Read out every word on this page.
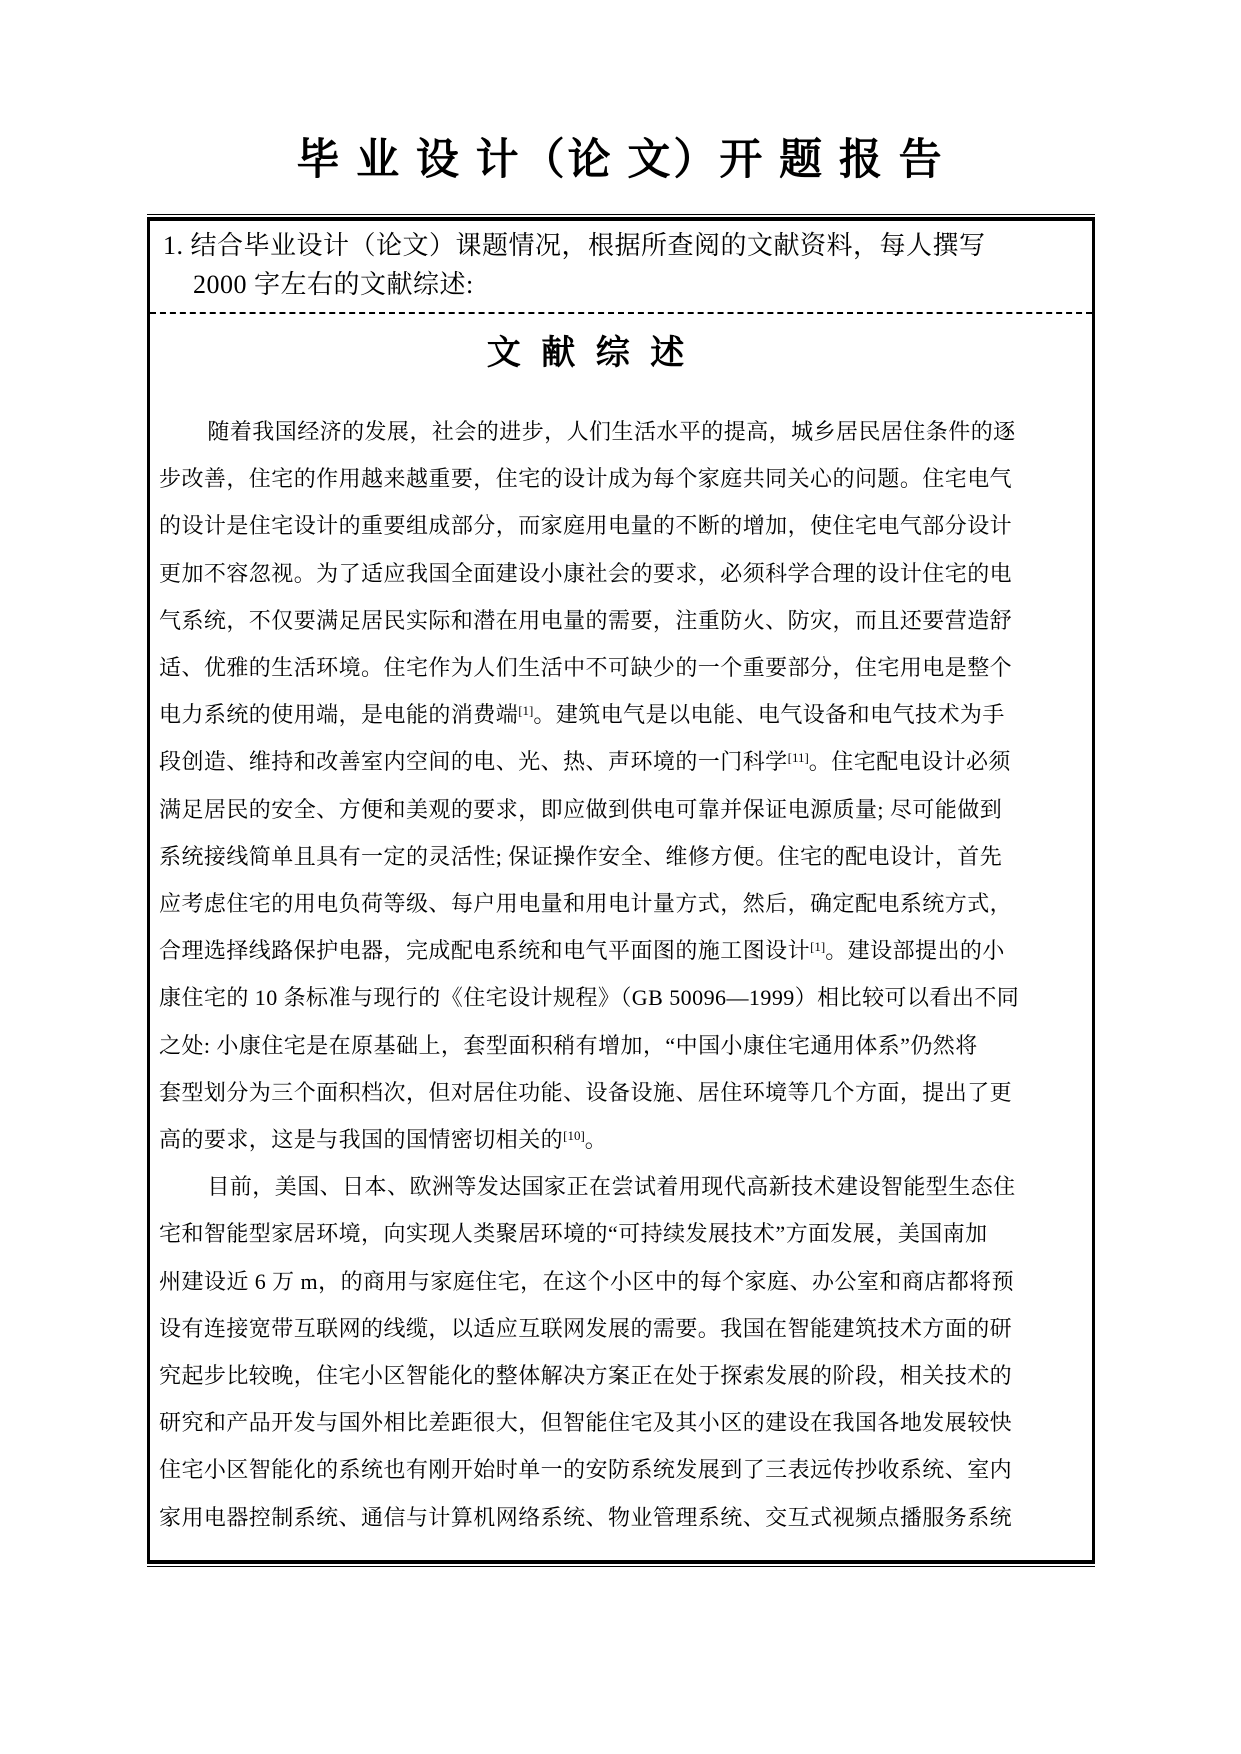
毕 业 设 计（论 文）开 题 报 告
1. 结合毕业设计（论文）课题情况，根据所查阅的文献资料，每人撰写
2000 字左右的文献综述:
文 献 综 述
随着我国经济的发展，社会的进步，人们生活水平的提高，城乡居民居住条件的逐
步改善，住宅的作用越来越重要，住宅的设计成为每个家庭共同关心的问题。住宅电气
的设计是住宅设计的重要组成部分，而家庭用电量的不断的增加，使住宅电气部分设计
更加不容忽视。为了适应我国全面建设小康社会的要求，必须科学合理的设计住宅的电
气系统，不仅要满足居民实际和潜在用电量的需要，注重防火、防灾，而且还要营造舒
适、优雅的生活环境。住宅作为人们生活中不可缺少的一个重要部分，住宅用电是整个
电力系统的使用端，是电能的消费端[1]。建筑电气是以电能、电气设备和电气技术为手
段创造、维持和改善室内空间的电、光、热、声环境的一门科学[11]。住宅配电设计必须
满足居民的安全、方便和美观的要求，即应做到供电可靠并保证电源质量; 尽可能做到
系统接线简单且具有一定的灵活性; 保证操作安全、维修方便。住宅的配电设计，首先
应考虑住宅的用电负荷等级、每户用电量和用电计量方式，然后，确定配电系统方式，
合理选择线路保护电器，完成配电系统和电气平面图的施工图设计[1]。建设部提出的小
康住宅的 10 条标准与现行的《住宅设计规程》（GB 50096—1999）相比较可以看出不同
之处: 小康住宅是在原基础上，套型面积稍有增加，“中国小康住宅通用体系”仍然将
套型划分为三个面积档次，但对居住功能、设备设施、居住环境等几个方面，提出了更
高的要求，这是与我国的国情密切相关的[10]。
目前，美国、日本、欧洲等发达国家正在尝试着用现代高新技术建设智能型生态住
宅和智能型家居环境，向实现人类聚居环境的“可持续发展技术”方面发展，美国南加
州建设近 6 万 m，的商用与家庭住宅，在这个小区中的每个家庭、办公室和商店都将预
设有连接宽带互联网的线缆，以适应互联网发展的需要。我国在智能建筑技术方面的研
究起步比较晚，住宅小区智能化的整体解决方案正在处于探索发展的阶段，相关技术的
研究和产品开发与国外相比差距很大，但智能住宅及其小区的建设在我国各地发展较快
住宅小区智能化的系统也有刚开始时单一的安防系统发展到了三表远传抄收系统、室内
家用电器控制系统、通信与计算机网络系统、物业管理系统、交互式视频点播服务系统
